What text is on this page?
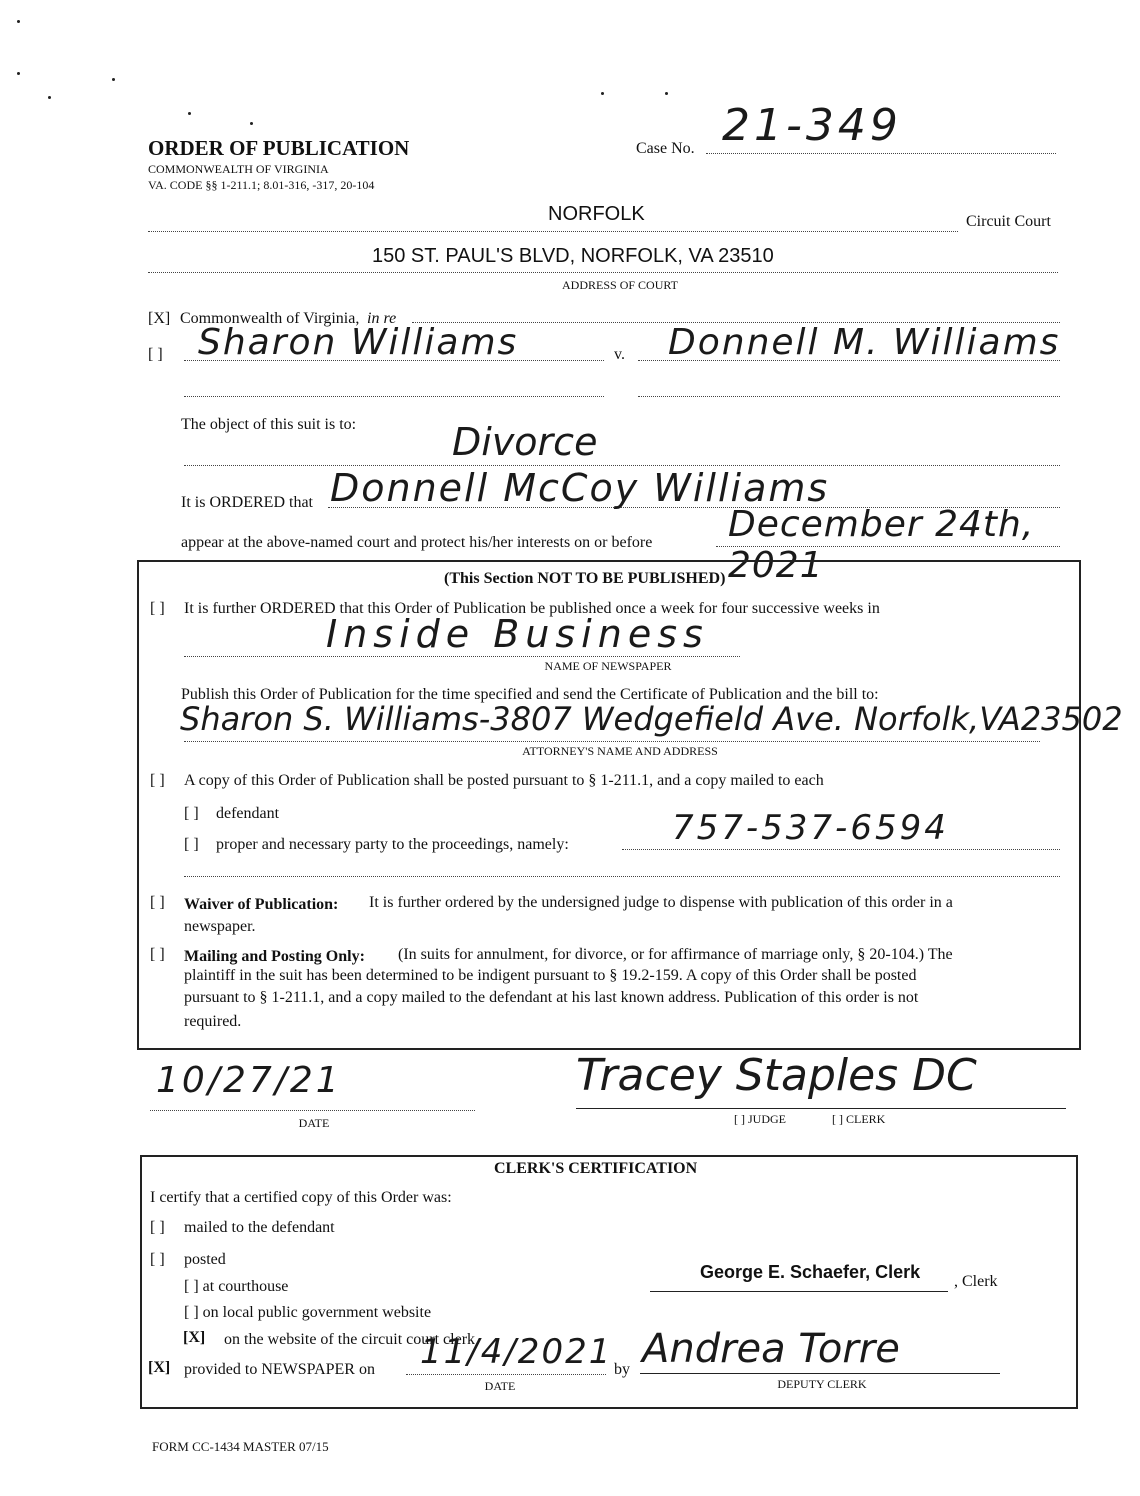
ORDER OF PUBLICATION
COMMONWEALTH OF VIRGINIA
VA. CODE §§ 1-211.1; 8.01-316, -317, 20-104
Case No. 21-349
NORFOLK	Circuit Court
150 ST. PAUL'S BLVD, NORFOLK, VA 23510
ADDRESS OF COURT
[X] Commonwealth of Virginia, in re
[ ] Sharon Williams	v. Donnell M. Williams
The object of this suit is to:	Divorce
It is ORDERED that Donnell McCoy Williams
appear at the above-named court and protect his/her interests on or before December 24th, 2021
(This Section NOT TO BE PUBLISHED)
[ ] It is further ORDERED that this Order of Publication be published once a week for four successive weeks in
Inside Business
NAME OF NEWSPAPER
Publish this Order of Publication for the time specified and send the Certificate of Publication and the bill to:
Sharon S. Williams-3807 Wedgefield Ave. Norfolk,VA23502
ATTORNEY'S NAME AND ADDRESS
[ ] A copy of this Order of Publication shall be posted pursuant to § 1-211.1, and a copy mailed to each
[ ] defendant
[ ] proper and necessary party to the proceedings, namely:	757-537-6594
[ ] Waiver of Publication: It is further ordered by the undersigned judge to dispense with publication of this order in a
newspaper.
[ ] Mailing and Posting Only: (In suits for annulment, for divorce, or for affirmance of marriage only, § 20-104.) The
plaintiff in the suit has been determined to be indigent pursuant to § 19.2-159. A copy of this Order shall be posted
pursuant to § 1-211.1, and a copy mailed to the defendant at his last known address. Publication of this order is not
required.
10/27/21
DATE
Tracey Staples DC
[ ] JUDGE	[ ] CLERK
CLERK'S CERTIFICATION
I certify that a certified copy of this Order was:
[ ] mailed to the defendant
[ ] posted
[ ] at courthouse
[ ] on local public government website
[X] on the website of the circuit court clerk
[X] provided to NEWSPAPER on 11/4/2021
DATE
by Andrea Torre
DEPUTY CLERK
George E. Schaefer, Clerk , Clerk
FORM CC-1434 MASTER 07/15
